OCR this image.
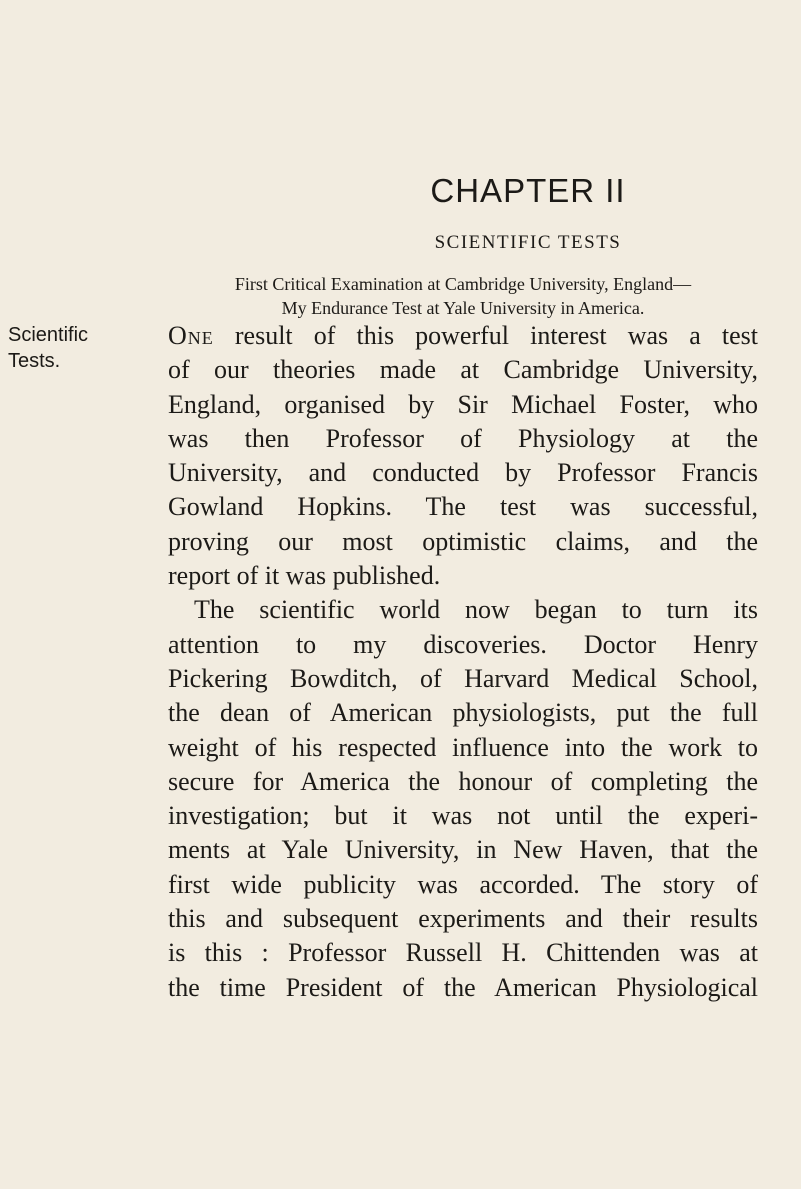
CHAPTER II
SCIENTIFIC TESTS

First Critical Examination at Cambridge University, England—
My Endurance Test at Yale University in America.

Scientific
Tests.

One result of this powerful interest was a test
of our theories made at Cambridge University,
England, organised by Sir Michael Foster, who
was then Professor of Physiology at the
University, and conducted by Professor Francis
Gowland Hopkins. The test was successful,
proving our most optimistic claims, and the
report of it was published.
The scientific world now began to turn its
attention to my discoveries. Doctor Henry
Pickering Bowditch, of Harvard Medical School,
the dean of American physiologists, put the full
weight of his respected influence into the work to
secure for America the honour of completing the
investigation; but it was not until the experi-
ments at Yale University, in New Haven, that the
first wide publicity was accorded. The story of
this and subsequent experiments and their results
is this : Professor Russell H. Chittenden was at
the time President of the American Physiological
